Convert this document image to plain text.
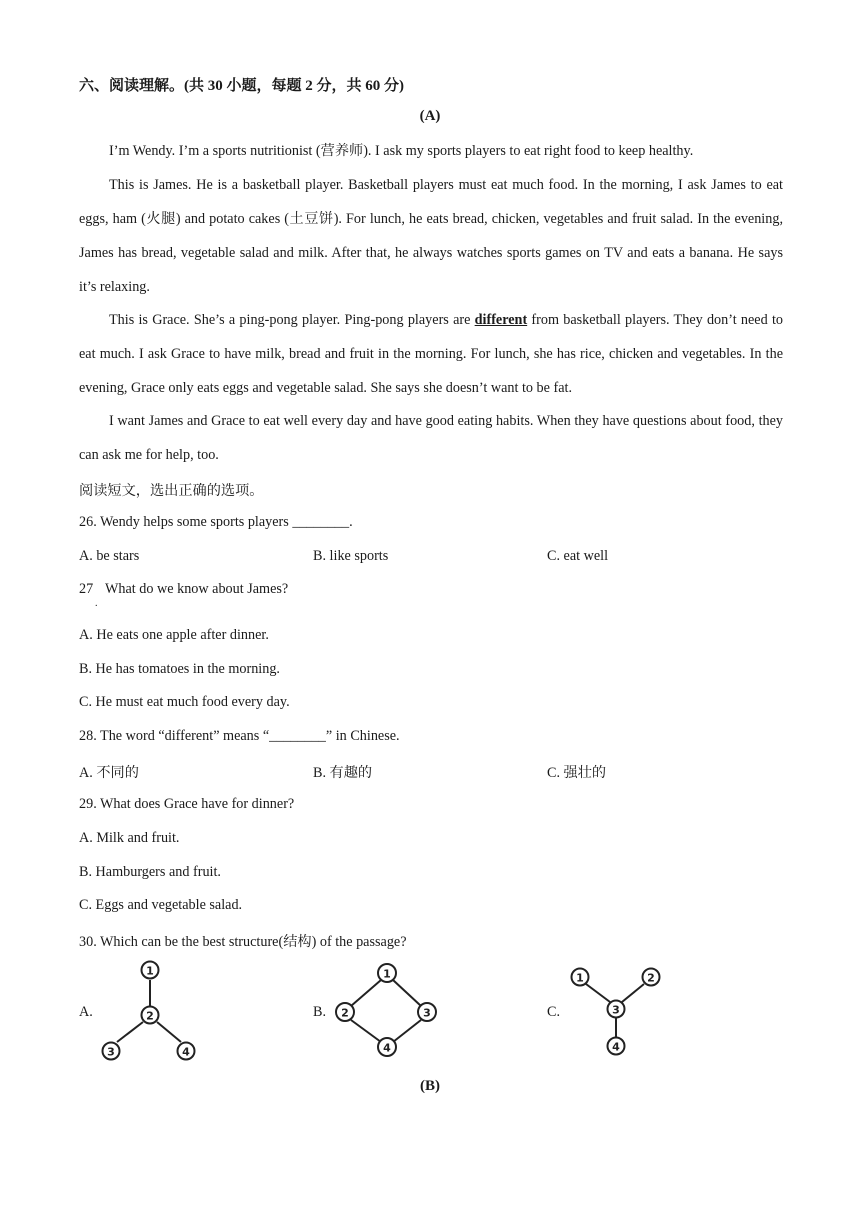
六、阅读理解。(共 30 小题，每题 2 分，共 60 分)
(A)
I’m Wendy. I’m a sports nutritionist (营养师). I ask my sports players to eat right food to keep healthy.
This is James. He is a basketball player. Basketball players must eat much food. In the morning, I ask James to eat eggs, ham (火腿) and potato cakes (土豆饼). For lunch, he eats bread, chicken, vegetables and fruit salad. In the evening, James has bread, vegetable salad and milk. After that, he always watches sports games on TV and eats a banana. He says it’s relaxing.
This is Grace. She’s a ping-pong player. Ping-pong players are different from basketball players. They don’t need to eat much. I ask Grace to have milk, bread and fruit in the morning. For lunch, she has rice, chicken and vegetables. In the evening, Grace only eats eggs and vegetable salad. She says she doesn’t want to be fat.
I want James and Grace to eat well every day and have good eating habits. When they have questions about food, they can ask me for help, too.
阅读短文，选出正确的选项。
26. Wendy helps some sports players ________.
A. be stars	B. like sports	C. eat well
27
.
What do we know about James?
A. He eats one apple after dinner.
B. He has tomatoes in the morning.
C. He must eat much food every day.
28. The word “different” means “________” in Chinese.
A. 不同的	B. 有趣的	C. 强壮的
29. What does Grace have for dinner?
A. Milk and fruit.
B. Hamburgers and fruit.
C. Eggs and vegetable salad.
30. Which can be the best structure(结构) of the passage?
A.	B.	C.
1
2
3	4
1
2	3
4
1	2
3
4
(B)
